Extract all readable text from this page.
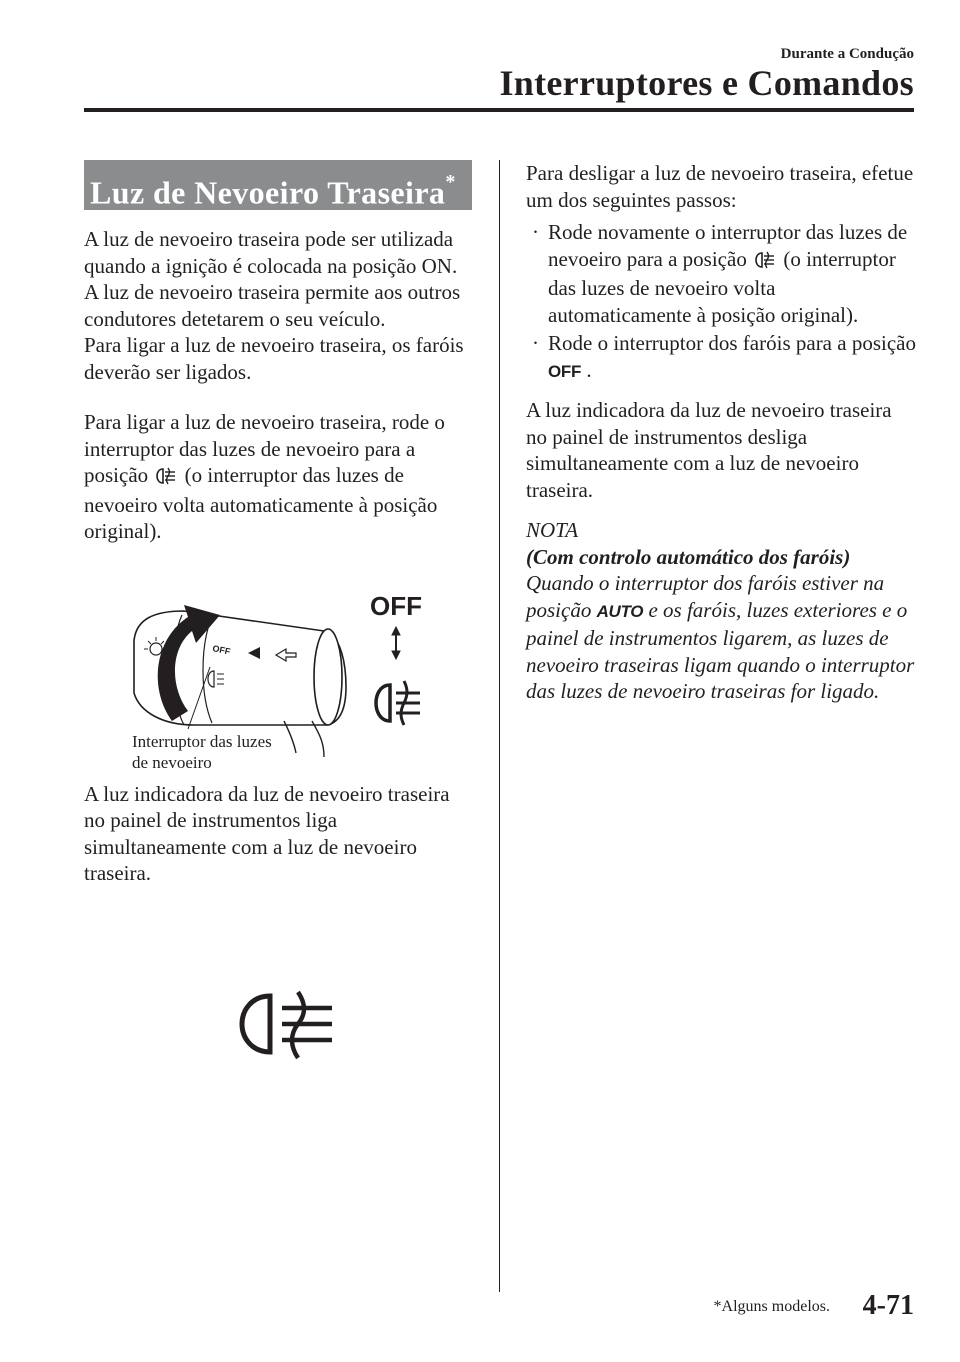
Durante a Condução
Interruptores e Comandos
Luz de Nevoeiro Traseira*

A luz de nevoeiro traseira pode ser utilizada quando a ignição é colocada na posição ON.

A luz de nevoeiro traseira permite aos outros condutores detetarem o seu veículo.

Para ligar a luz de nevoeiro traseira, os faróis deverão ser ligados.

Para ligar a luz de nevoeiro traseira, rode o interruptor das luzes de nevoeiro para a posição (o interruptor das luzes de nevoeiro volta automaticamente à posição original).

OFF
OFF
Interruptor das luzes
de nevoeiro

A luz indicadora da luz de nevoeiro traseira no painel de instrumentos liga simultaneamente com a luz de nevoeiro traseira.

Para desligar a luz de nevoeiro traseira, efetue um dos seguintes passos:

· Rode novamente o interruptor das luzes de nevoeiro para a posição (o interruptor das luzes de nevoeiro volta automaticamente à posição original).
· Rode o interruptor dos faróis para a posição OFF .

A luz indicadora da luz de nevoeiro traseira no painel de instrumentos desliga simultaneamente com a luz de nevoeiro traseira.

NOTA

(Com controlo automático dos faróis)

Quando o interruptor dos faróis estiver na posição AUTO e os faróis, luzes exteriores e o painel de instrumentos ligarem, as luzes de nevoeiro traseiras ligam quando o interruptor das luzes de nevoeiro traseiras for ligado.

*Alguns modelos. 4-71
